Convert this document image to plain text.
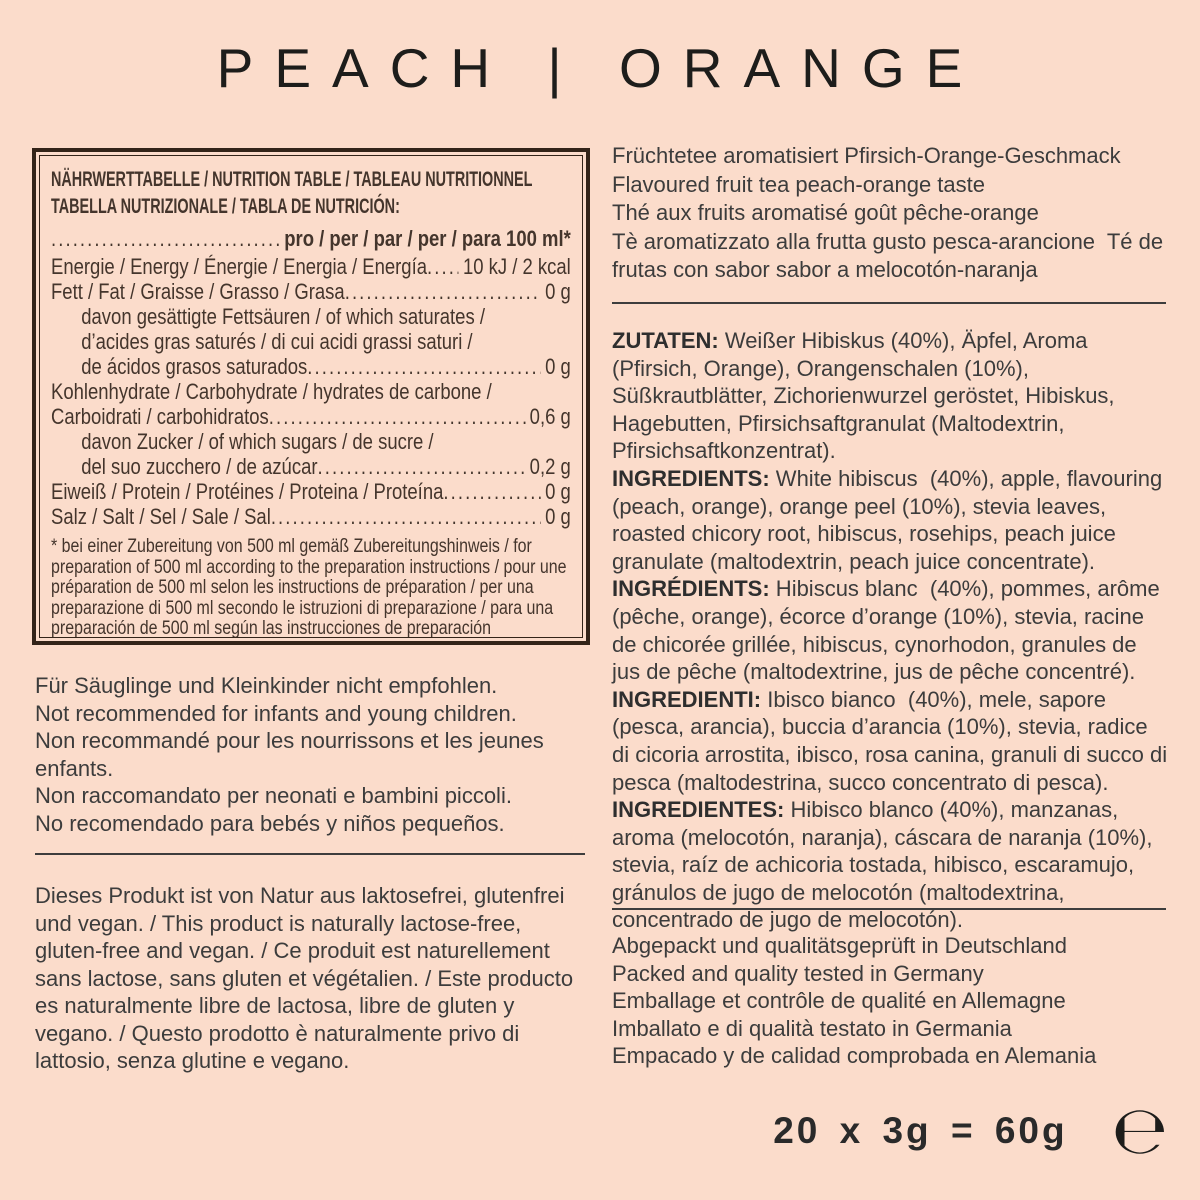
PEACH | ORANGE
NÄHRWERTTABELLE / NUTRITION TABLE / TABLEAU NUTRITIONNEL
TABELLA NUTRIZIONALE / TABLA DE NUTRICIÓN:
.....
pro / per / par / per / para 100 ml*
Energie / Energy / Énergie / Energia / Energía ..... 10 kJ / 2 kcal
Fett / Fat / Graisse / Grasso / Grasa .....	0 g
davon gesättigte Fettsäuren / of which saturates /
d’acides gras saturés / di cui acidi grassi saturi /
de ácidos grasos saturados .....	0 g
Kohlenhydrate / Carbohydrate / hydrates de carbone /
Carboidrati / carbohidratos .....	0,6 g
davon Zucker / of which sugars / de sucre /
del suo zucchero / de azúcar .....	0,2 g
Eiweiß / Protein / Protéines / Proteina / Proteína .....	0 g
Salz / Salt / Sel / Sale / Sal .....	0 g
* bei einer Zubereitung von 500 ml gemäß Zubereitungshinweis / for preparation of 500 ml according to the preparation instructions / pour une préparation de 500 ml selon les instructions de préparation / per una preparazione di 500 ml secondo le istruzioni di preparazione / para una preparación de 500 ml según las instrucciones de preparación
Für Säuglinge und Kleinkinder nicht empfohlen.
Not recommended for infants and young children.
Non recommandé pour les nourrissons et les jeunes enfants.
Non raccomandato per neonati e bambini piccoli.
No recomendado para bebés y niños pequeños.
Dieses Produkt ist von Natur aus laktosefrei, glutenfrei und vegan. / This product is naturally lactose-free, gluten-free and vegan. / Ce produit est naturellement sans lactose, sans gluten et végétalien. / Este producto es naturalmente libre de lactosa, libre de gluten y vegano. / Questo prodotto è naturalmente privo di lattosio, senza glutine e vegano.
Früchtetee aromatisiert Pfirsich-Orange-Geschmack
Flavoured fruit tea peach-orange taste
Thé aux fruits aromatisé goût pêche-orange
Tè aromatizzato alla frutta gusto pesca-arancione  Té de frutas con sabor sabor a melocotón-naranja
ZUTATEN: Weißer Hibiskus (40%), Äpfel, Aroma (Pfirsich, Orange), Orangenschalen (10%), Süßkrautblätter, Zichorienwurzel geröstet, Hibiskus, Hagebutten, Pfirsichsaftgranulat (Maltodextrin, Pfirsichsaftkonzentrat).
INGREDIENTS: White hibiscus  (40%), apple, flavouring (peach, orange), orange peel (10%), stevia leaves, roasted chicory root, hibiscus, rosehips, peach juice granulate (maltodextrin, peach juice concentrate).
INGRÉDIENTS: Hibiscus blanc  (40%), pommes, arôme (pêche, orange), écorce d’orange (10%), stevia, racine de chicorée grillée, hibiscus, cynorhodon, granules de jus de pêche (maltodextrine, jus de pêche concentré).
INGREDIENTI: Ibisco bianco  (40%), mele, sapore (pesca, arancia), buccia d’arancia (10%), stevia, radice di cicoria arrostita, ibisco, rosa canina, granuli di succo di pesca (maltodestrina, succo concentrato di pesca).
INGREDIENTES: Hibisco blanco (40%), manzanas, aroma (melocotón, naranja), cáscara de naranja (10%), stevia, raíz de achicoria tostada, hibisco, escaramujo, gránulos de jugo de melocotón (maltodextrina, concentrado de jugo de melocotón).
Abgepackt und qualitätsgeprüft in Deutschland
Packed and quality tested in Germany
Emballage et contrôle de qualité en Allemagne
Imballato e di qualità testato in Germania
Empacado y de calidad comprobada en Alemania
20 x 3g = 60g ℮
